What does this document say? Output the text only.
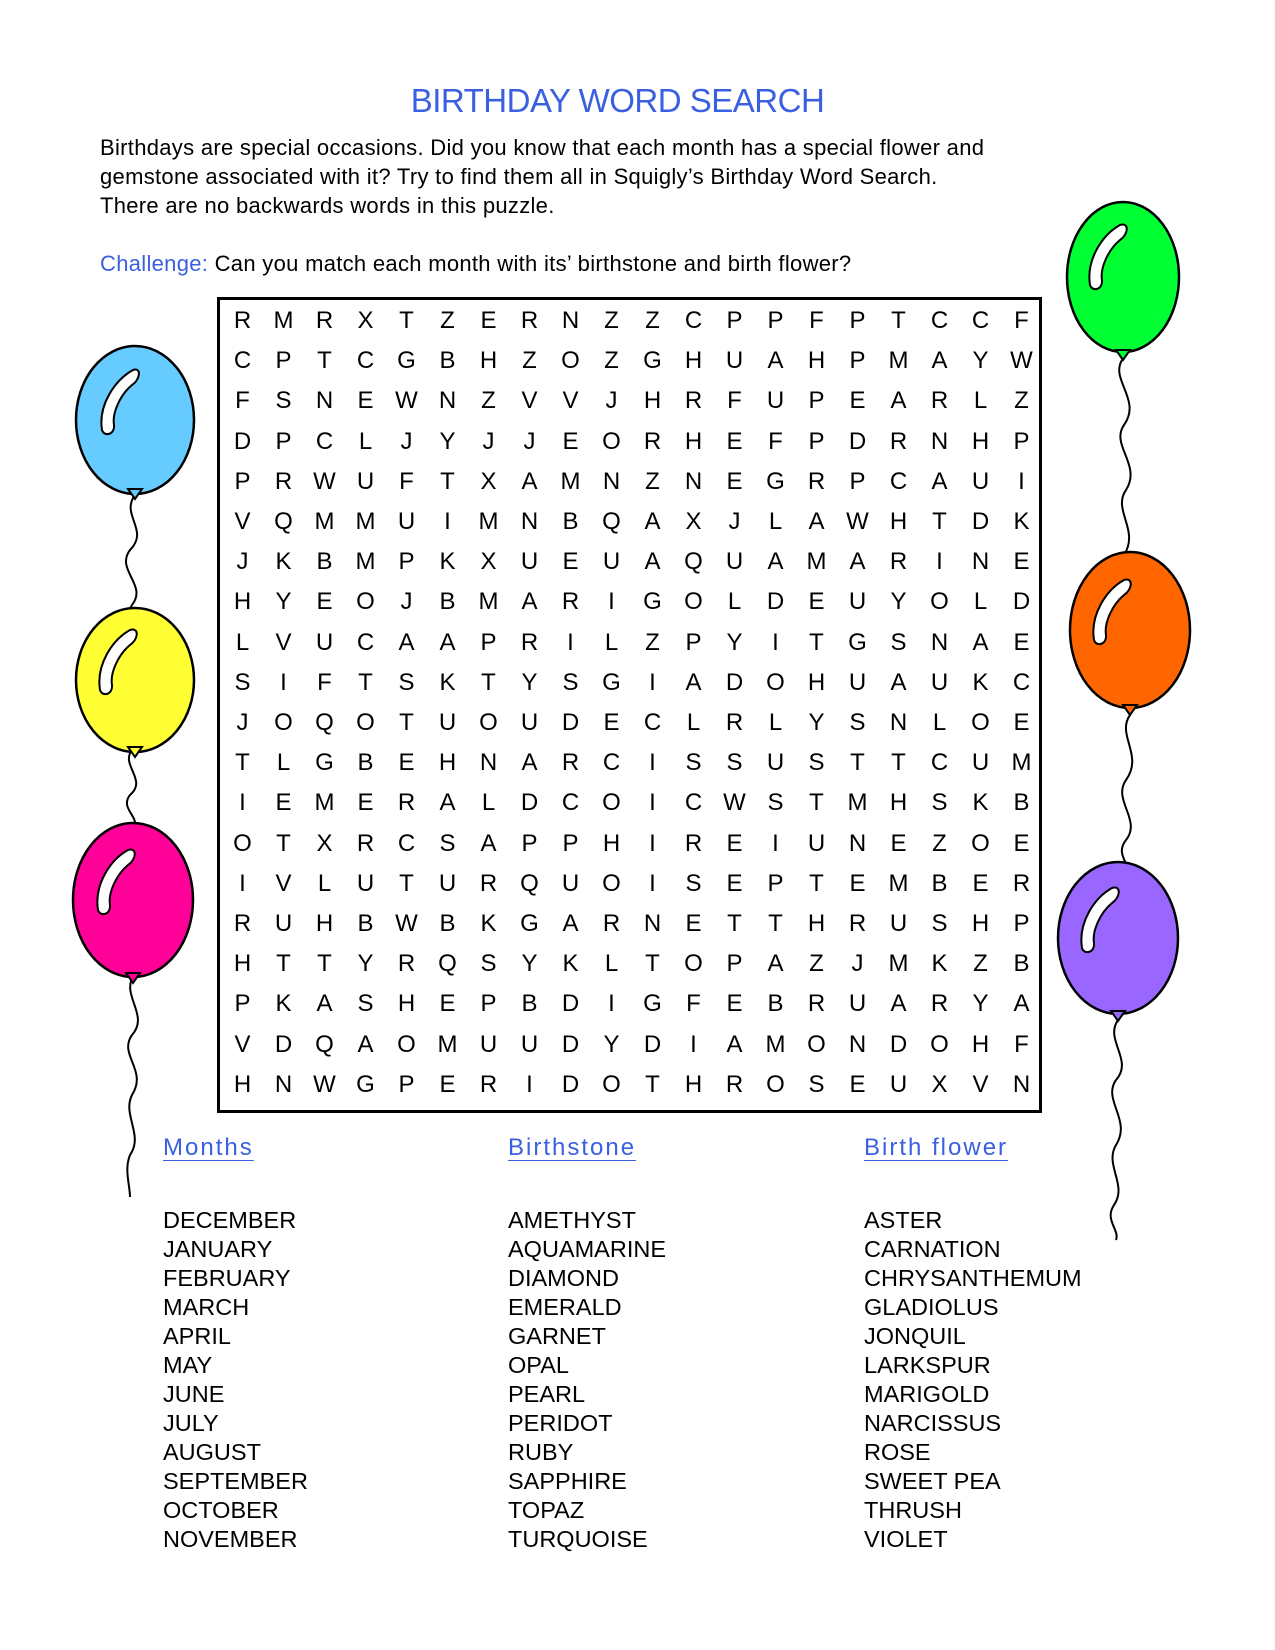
BIRTHDAY WORD SEARCH

Birthdays are special occasions. Did you know that each month has a special flower and

gemstone associated with it? Try to find them all in Squigly’s Birthday Word Search.

There are no backwards words in this puzzle.

Challenge: Can you match each month with its’ birthstone and birth flower?
R M R	X	T	Z	E	R N	Z	Z	C	P	P	F	P	T	C C	F
C	P	T	C G B	H	Z	O	Z	G H U	A	H	P M A	Y W
F	S	N	E W N	Z	V	V	J	H R	F	U	P	E	A	R	L	Z
D	P	C	L	J	Y	J	J	E O R H	E	F	P	D R N H	P
P	R W U	F	T	X	A M N	Z	N	E G R	P	C	A	U	I
V Q M M U	I	M N	B Q A	X	J	L	A W H	T	D	K
J	K	B M P	K	X	U	E	U	A Q U	A M A	R	I	N	E
H	Y	E O	J	B M A	R	I	G O	L	D	E	U	Y O	L	D
L	V	U C	A	A	P	R	I	L	Z	P	Y	I	T	G S	N	A	E
S	I	F	T	S	K	T	Y	S G	I	A	D O H U	A	U	K	C
J	O Q O	T	U O U D	E	C	L	R	L	Y	S	N	L	O E
T	L	G B	E	H N	A	R C	I	S	S	U	S	T	T	C U M
I	E M E	R	A	L	D C O	I	C W S	T M H	S	K	B
O	T	X	R C	S	A	P	P	H	I	R	E	I	U N	E	Z	O E
I	V	L	U	T	U R Q U O	I	S	E	P	T	E M B	E	R
R U H	B W B	K G A	R N	E	T	T	H R U	S	H	P
H	T	T	Y	R Q S	Y	K	L	T	O P	A	Z	J	M K	Z	B
P	K	A	S	H	E	P	B	D	I	G	F	E	B	R U	A	R	Y	A
V	D Q A O M U U D	Y	D	I	A M O N D O H	F
H N W G P	E	R	I	D O	T	H R O S	E	U	X	V	N
Months
DECEMBER
JANUARY
FEBRUARY
MARCH
APRIL
MAY
JUNE
JULY
AUGUST
SEPTEMBER
OCTOBER
NOVEMBER
Birthstone
AMETHYST
AQUAMARINE
DIAMOND
EMERALD
GARNET
OPAL
PEARL
PERIDOT
RUBY
SAPPHIRE
TOPAZ
TURQUOISE
Birth flower
ASTER
CARNATION
CHRYSANTHEMUM
GLADIOLUS
JONQUIL
LARKSPUR
MARIGOLD
NARCISSUS
ROSE
SWEET PEA
THRUSH
VIOLET
